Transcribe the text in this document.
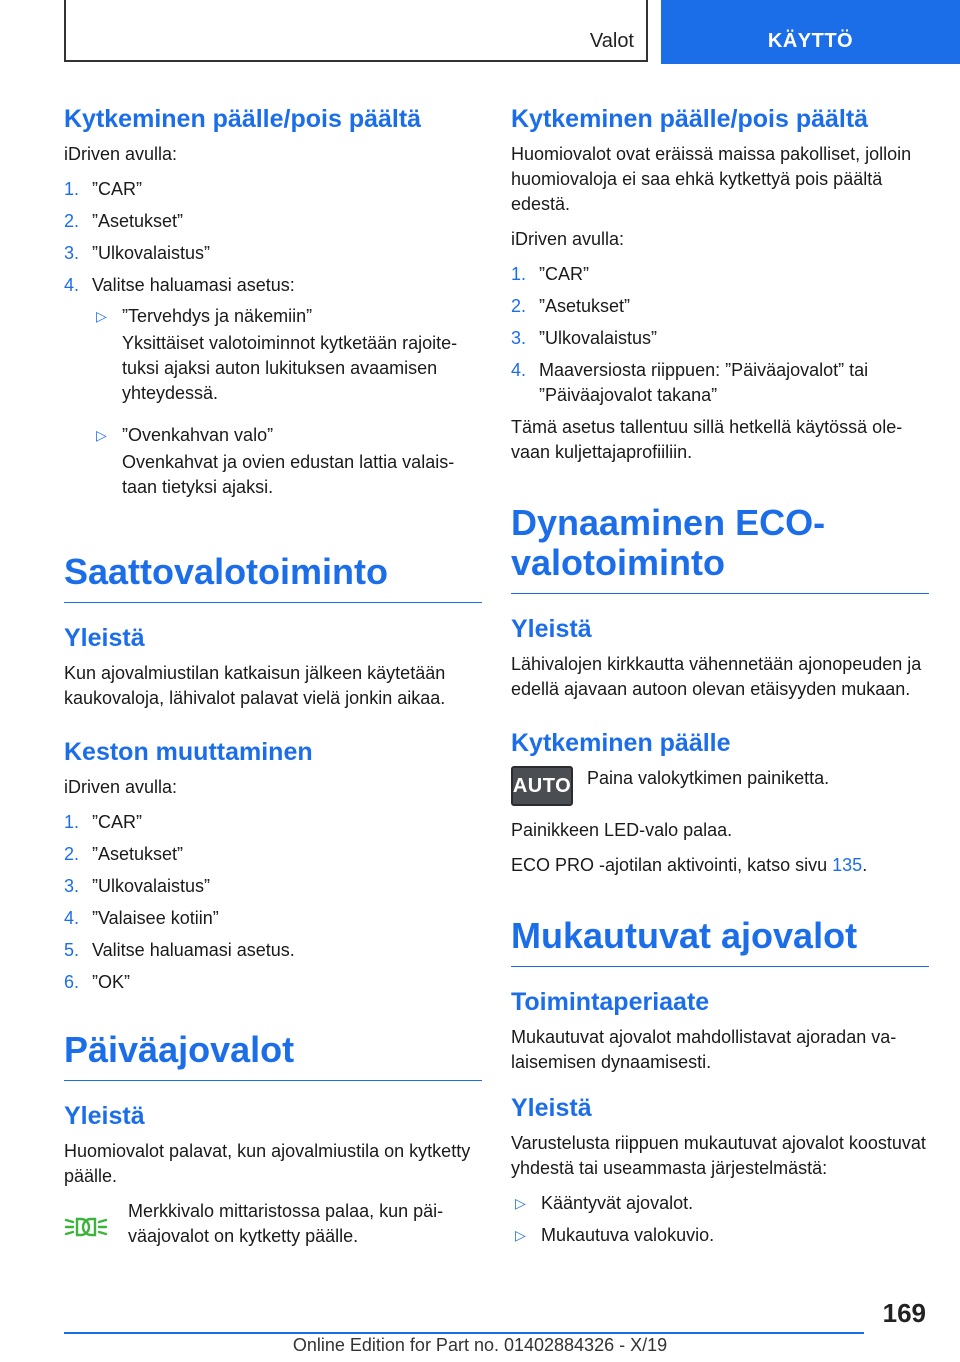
Valot	KÄYTTÖ
Kytkeminen päälle/pois päältä

iDriven avulla:

1. ”CAR”
2. ”Asetukset”
3. ”Ulkovalaistus”
4. Valitse haluamasi asetus:
▷ ”Tervehdys ja näkemiin”
Yksittäiset valotoiminnot kytketään rajoitetuksi ajaksi auton lukituksen avaamisen yhteydessä.
▷ ”Ovenkahvan valo”
Ovenkahvat ja ovien edustan lattia valaistaan tietyksi ajaksi.
Saattovalotoiminto
Yleistä

Kun ajovalmiustilan katkaisun jälkeen käytetään kaukovaloja, lähivalot palavat vielä jonkin aikaa.

Keston muuttaminen

iDriven avulla:

1. ”CAR”
2. ”Asetukset”
3. ”Ulkovalaistus”
4. ”Valaisee kotiin”
5. Valitse haluamasi asetus.
6. ”OK”
Päiväajovalot
Yleistä

Huomiovalot palavat, kun ajovalmiustila on kytketty päälle.

Merkkivalo mittaristossa palaa, kun päiväajovalot on kytketty päälle.
Kytkeminen päälle/pois päältä

Huomiovalot ovat eräissä maissa pakolliset, jolloin huomiovaloja ei saa ehkä kytkettyä pois päältä edestä.

iDriven avulla:

1. ”CAR”
2. ”Asetukset”
3. ”Ulkovalaistus”
4. Maaversiosta riippuen: ”Päiväajovalot” tai ”Päiväajovalot takana”

Tämä asetus tallentuu sillä hetkellä käytössä olevaan kuljettajaprofiiliin.

Dynaaminen ECO-valotoiminto
Yleistä

Lähivalojen kirkkautta vähennetään ajonopeuden ja edellä ajavaan autoon olevan etäisyyden mukaan.

Kytkeminen päälle
AUTO Paina valokytkimen painiketta.

Painikkeen LED-valo palaa.

ECO PRO -ajotilan aktivointi, katso sivu 135.

Mukautuvat ajovalot
Toimintaperiaate

Mukautuvat ajovalot mahdollistavat ajoradan valaisemisen dynaamisesti.

Yleistä

Varustelusta riippuen mukautuvat ajovalot koostuvat yhdestä tai useammasta järjestelmästä:

▷ Kääntyvät ajovalot.
▷ Mukautuva valokuvio.
169
Online Edition for Part no. 01402884326 - X/19
